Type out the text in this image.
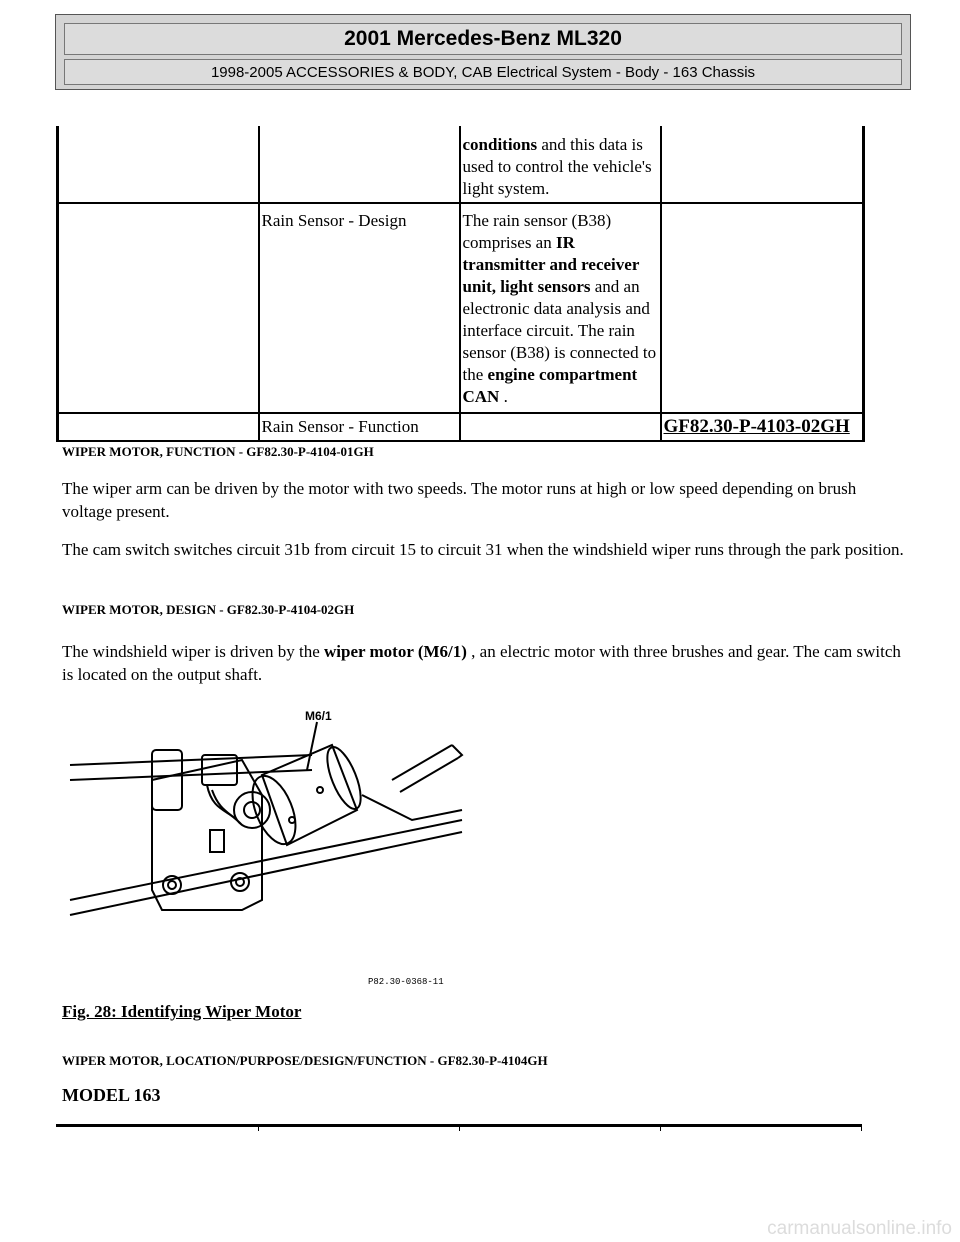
2001 Mercedes-Benz ML320
1998-2005 ACCESSORIES & BODY, CAB Electrical System - Body - 163 Chassis
		conditions and this data is used to control the vehicle's light system.	
	Rain Sensor - Design	The rain sensor (B38) comprises an IR transmitter and receiver unit, light sensors and an electronic data analysis and interface circuit. The rain sensor (B38) is connected to the engine compartment CAN .	
	Rain Sensor - Function		GF82.30-P-4103-02GH
WIPER MOTOR, FUNCTION - GF82.30-P-4104-01GH
The wiper arm can be driven by the motor with two speeds. The motor runs at high or low speed depending on brush voltage present.
The cam switch switches circuit 31b from circuit 15 to circuit 31 when the windshield wiper runs through the park position.
WIPER MOTOR, DESIGN - GF82.30-P-4104-02GH
The windshield wiper is driven by the wiper motor (M6/1) , an electric motor with three brushes and gear. The cam switch is located on the output shaft.
M6/1
P82.30-0368-11
Fig. 28: Identifying Wiper Motor
WIPER MOTOR, LOCATION/PURPOSE/DESIGN/FUNCTION - GF82.30-P-4104GH
MODEL 163
carmanualsonline.info
